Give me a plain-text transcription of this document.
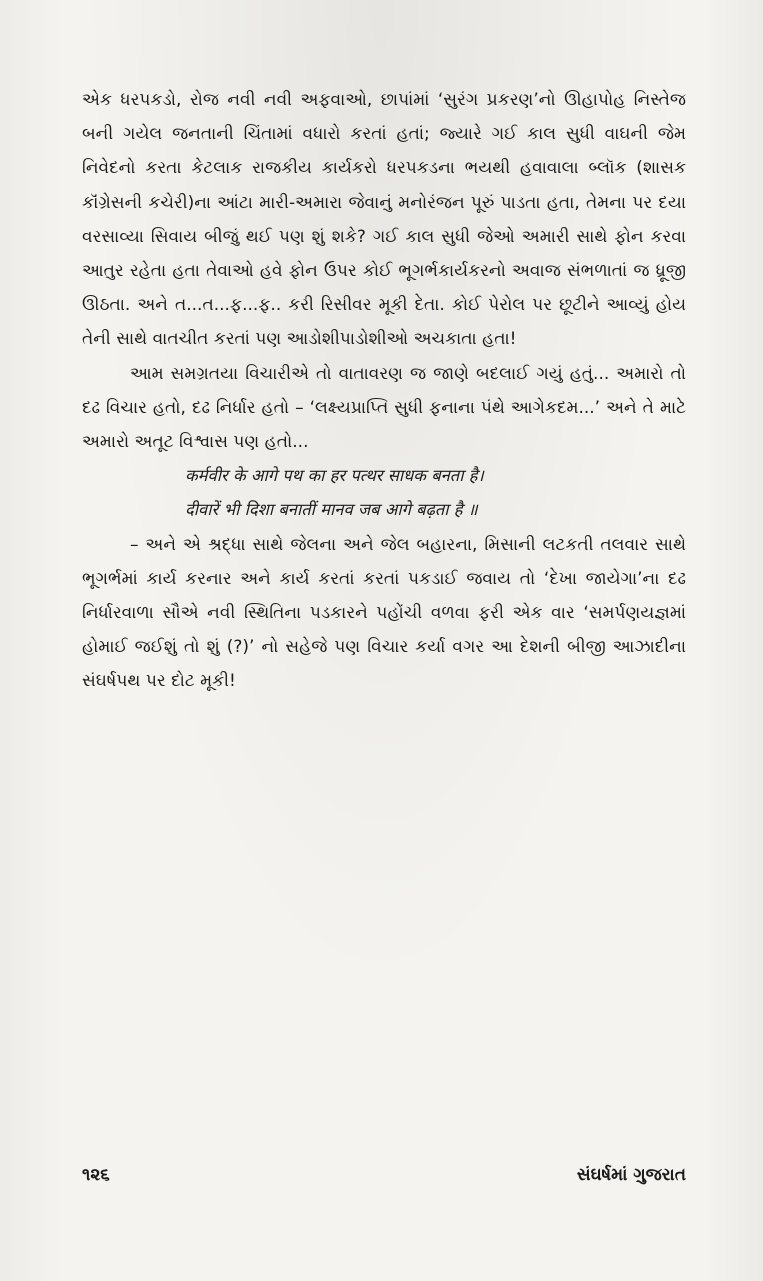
એક ધરપકડો, રોજ નવી નવી અફવાઓ, છાપાંમાં ‘સુરંગ પ્રકરણ’નો ઊહાપોહ નિસ્તેજ બની ગયેલ જનતાની ચિંતામાં વધારો કરતાં હતાં; જ્યારે ગઈ કાલ સુધી વાઘની જેમ નિવેદનો કરતા કેટલાક રાજકીય કાર્યકરો ધરપકડના ભયથી હવાવાલા બ્લૉક (શાસક કૉંગ્રેસની કચેરી)ના આંટા મારી-અમારા જેવાનું મનોરંજન પૂરું પાડતા હતા, તેમના પર દયા વરસાવ્યા સિવાય બીજું થઈ પણ શું શકે? ગઈ કાલ સુધી જેઓ અમારી સાથે ફોન કરવા આતુર રહેતા હતા તેવાઓ હવે ફોન ઉપર કોઈ ભૂગર્ભકાર્યકરનો અવાજ સંભળાતાં જ ધ્રૂજી ઊઠતા. અને ત...ત...ફ...ફ.. કરી રિસીવર મૂકી દેતા. કોઈ પેરોલ પર છૂટીને આવ્યું હોય તેની સાથે વાતચીત કરતાં પણ આડોશીપાડોશીઓ અચકાતા હતા!

આમ સમગ્રતયા વિચારીએ તો વાતાવરણ જ જાણે બદલાઈ ગયું હતું... અમારો તો દઢ વિચાર હતો, દઢ નિર્ધાર હતો – ‘લક્ષ્યપ્રાપ્તિ સુધી ફનાના પંથે આગેકદમ...’ અને તે માટે અમારો અતૂટ વિશ્વાસ પણ હતો...

कर्मवीर के आगे पथ का हर पत्थर साधक बनता है।
दीवारें भी दिशा बनातीं मानव जब आगे बढ़ता है ॥

– અને એ શ્રદ્ધા સાથે જેલના અને જેલ બહારના, મિસાની લટકતી તલવાર સાથે ભૂગર્ભમાં કાર્ય કરનાર અને કાર્ય કરતાં કરતાં પકડાઈ જવાય તો ‘દેખા જાયેગા’ના દઢ નિર્ધારવાળા સૌએ નવી સ્થિતિના પડકારને પહોંચી વળવા ફરી એક વાર ‘સમર્પણયજ્ઞમાં હોમાઈ જઈશું તો શું (?)’ નો સહેજે પણ વિચાર કર્યા વગર આ દેશની બીજી આઝાદીના સંઘર્ષપથ પર દોટ મૂકી!

૧૨૬	સંઘર્ષમાં ગુજરાત
